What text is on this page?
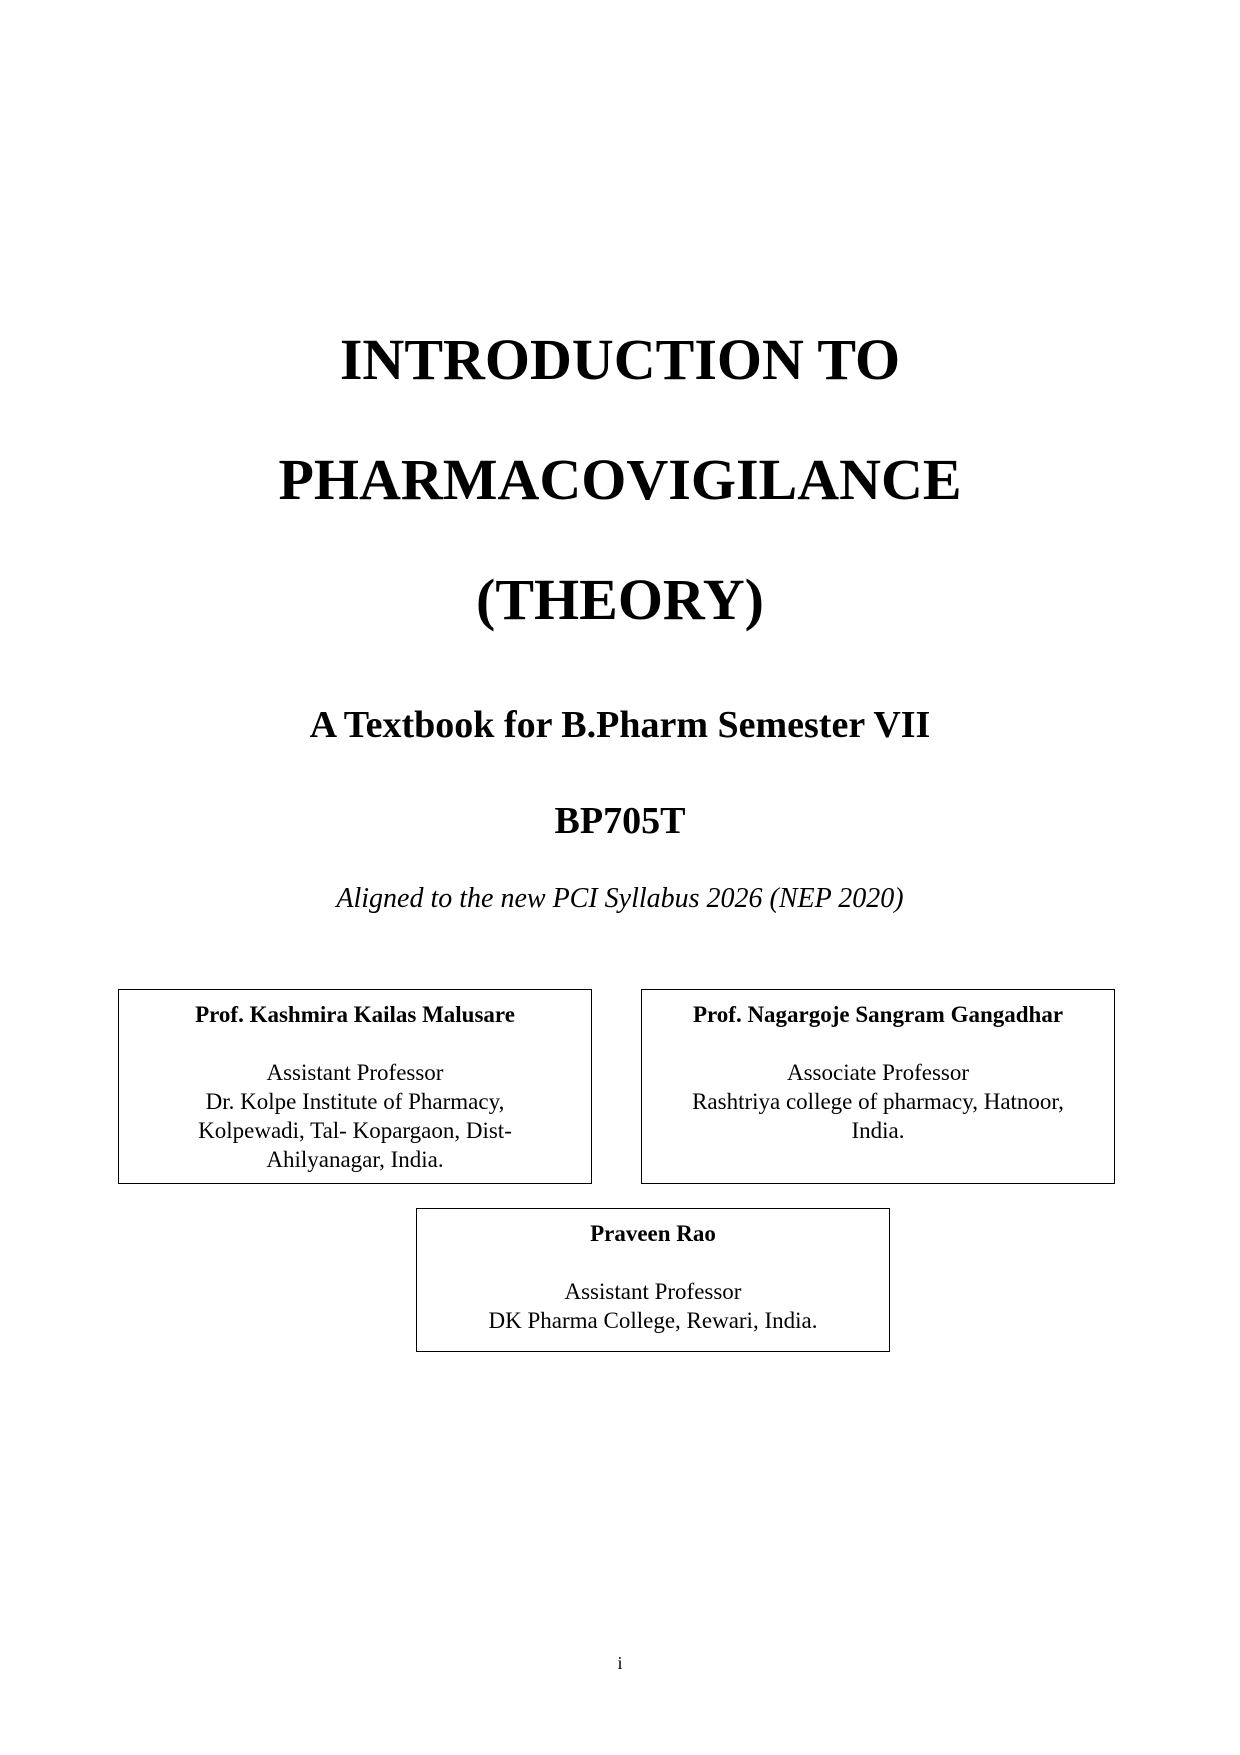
INTRODUCTION TO
PHARMACOVIGILANCE
(THEORY)
A Textbook for B.Pharm Semester VII
BP705T
Aligned to the new PCI Syllabus 2026 (NEP 2020)
Prof. Kashmira Kailas Malusare
Assistant Professor
Dr. Kolpe Institute of Pharmacy,
Kolpewadi, Tal- Kopargaon, Dist-
Ahilyanagar, India.
Prof. Nagargoje Sangram Gangadhar
Associate Professor
Rashtriya college of pharmacy, Hatnoor,
India.
Praveen Rao
Assistant Professor
DK Pharma College, Rewari, India.
i
